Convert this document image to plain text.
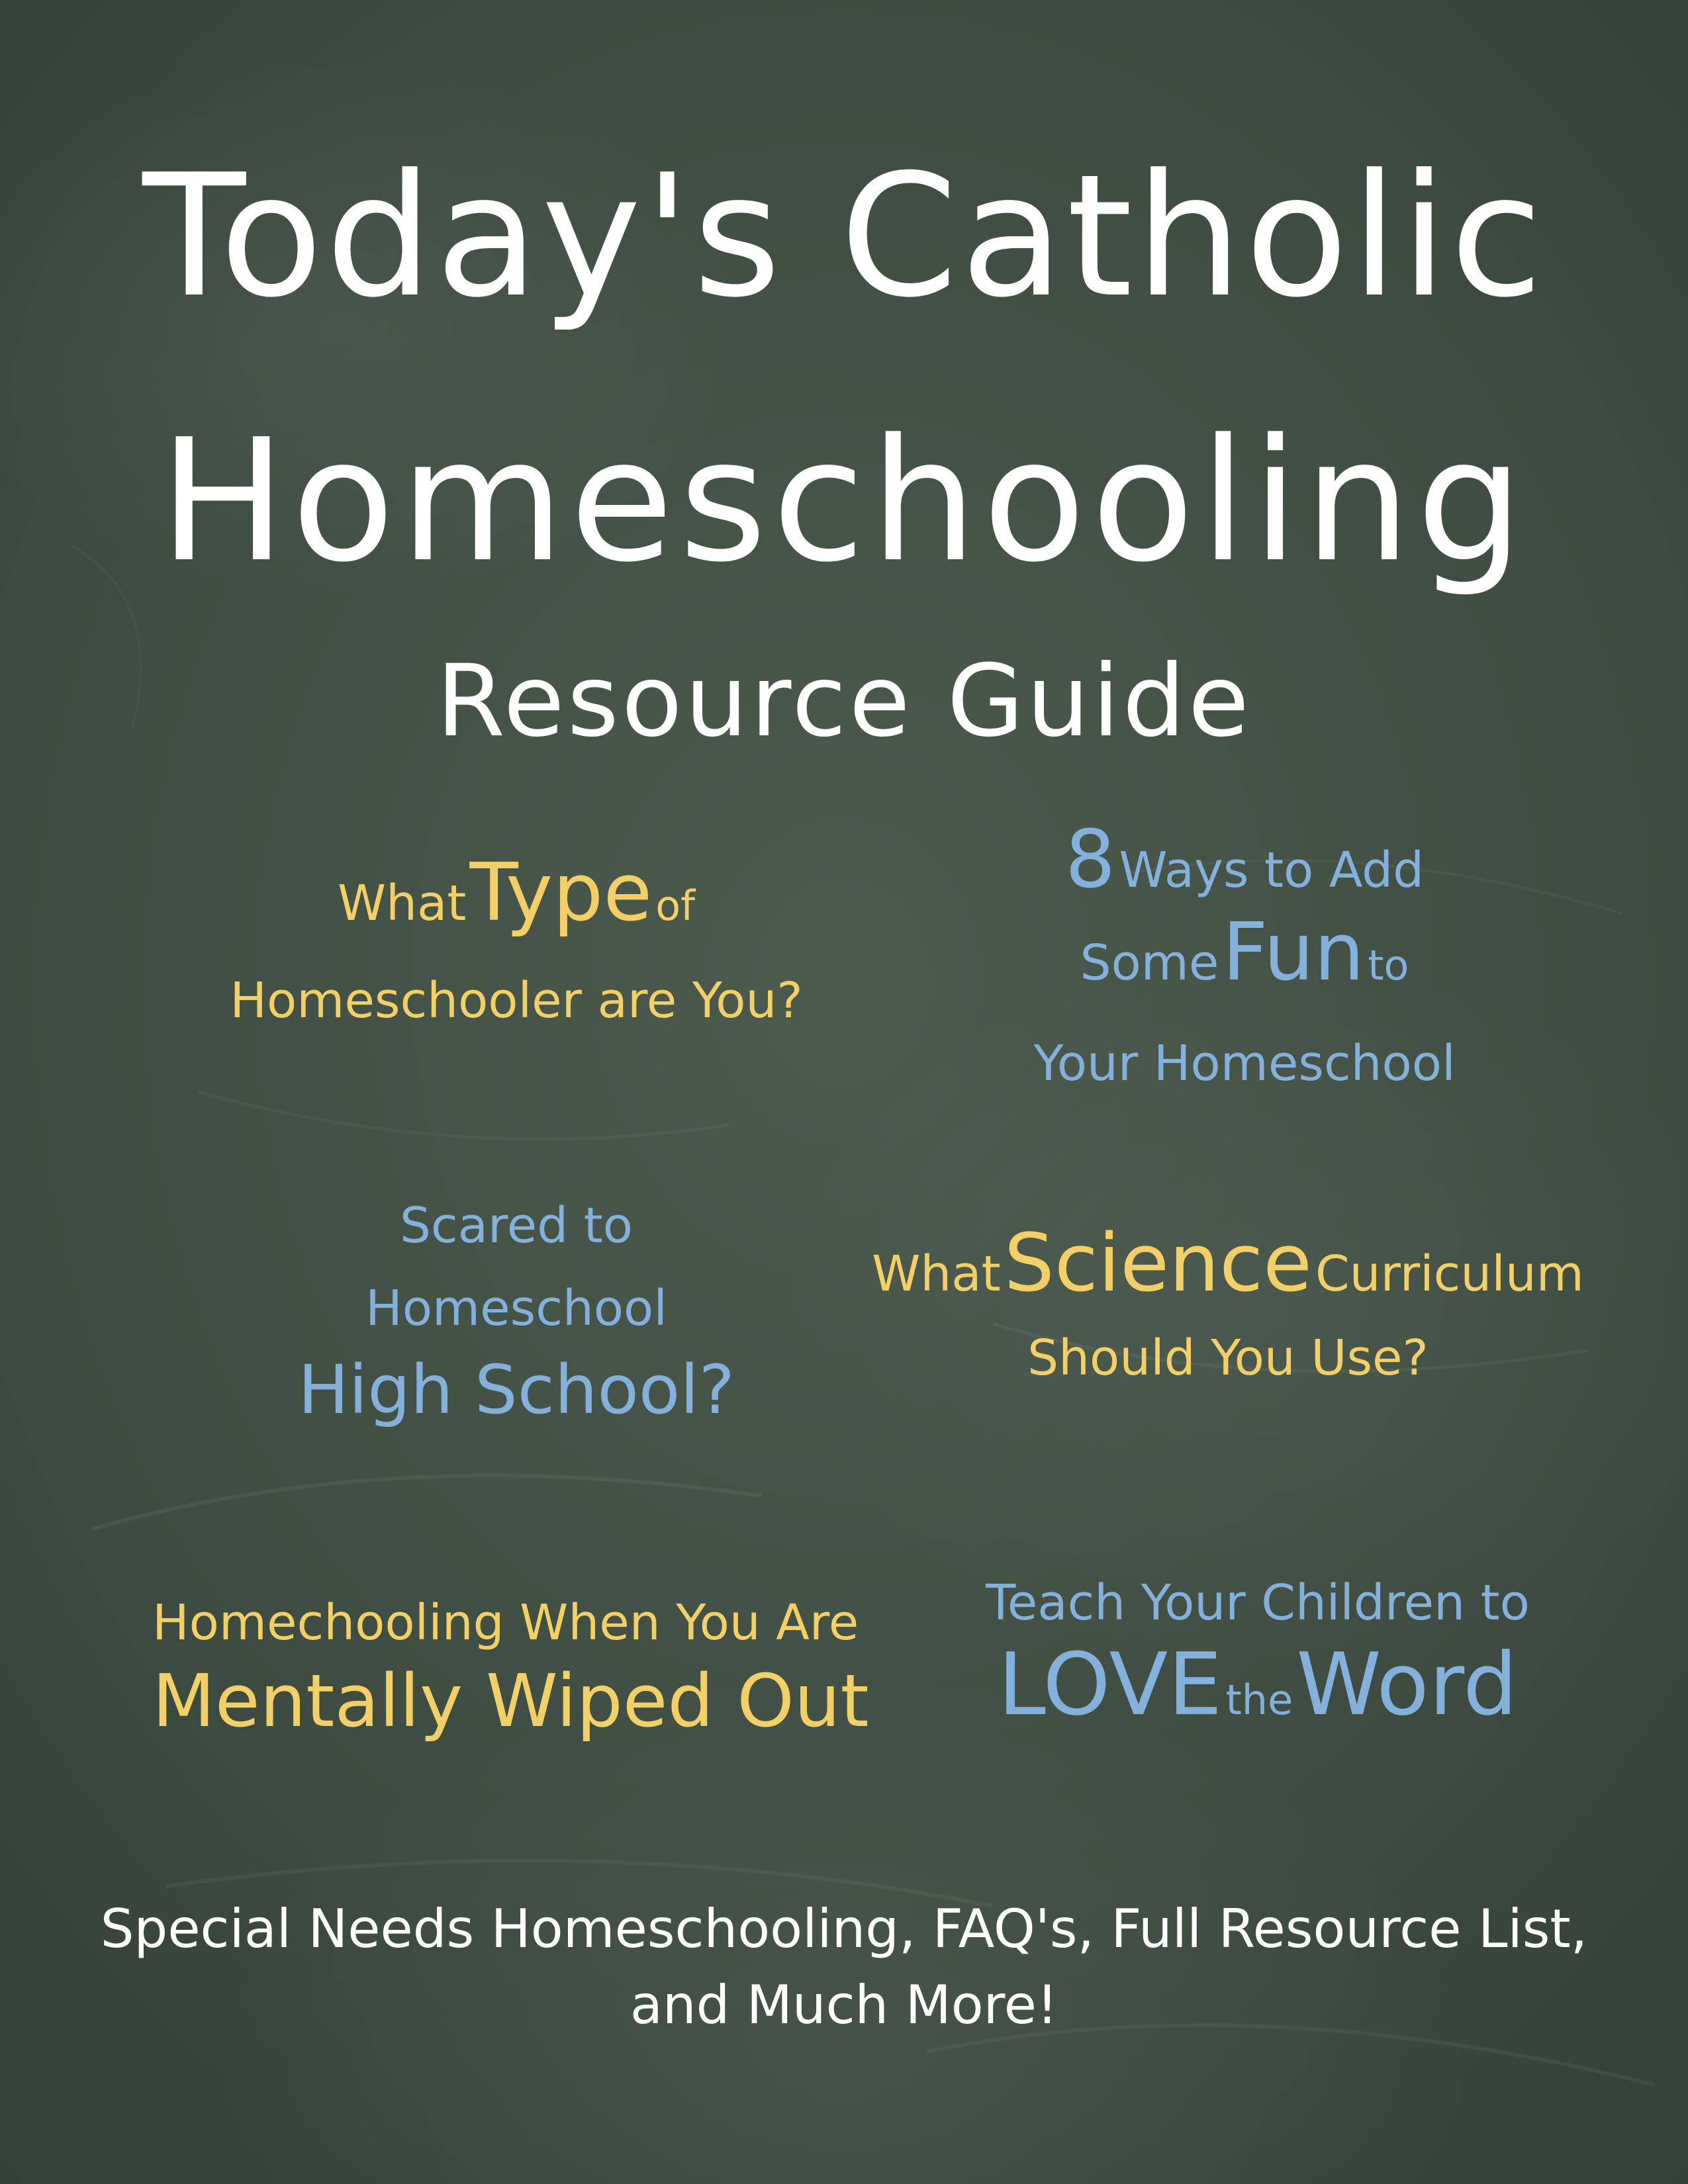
Today's Catholic
Homeschooling
Resource Guide
What Type of
Homeschooler are You?
8 Ways to Add
Some Fun to
Your Homeschool
Scared to
Homeschool
High School?
What Science Curriculum
Should You Use?
Homechooling When You Are
Mentally Wiped Out
Teach Your Children to
LOVE the Word
Special Needs Homeschooling, FAQ's, Full Resource List,
and Much More!
